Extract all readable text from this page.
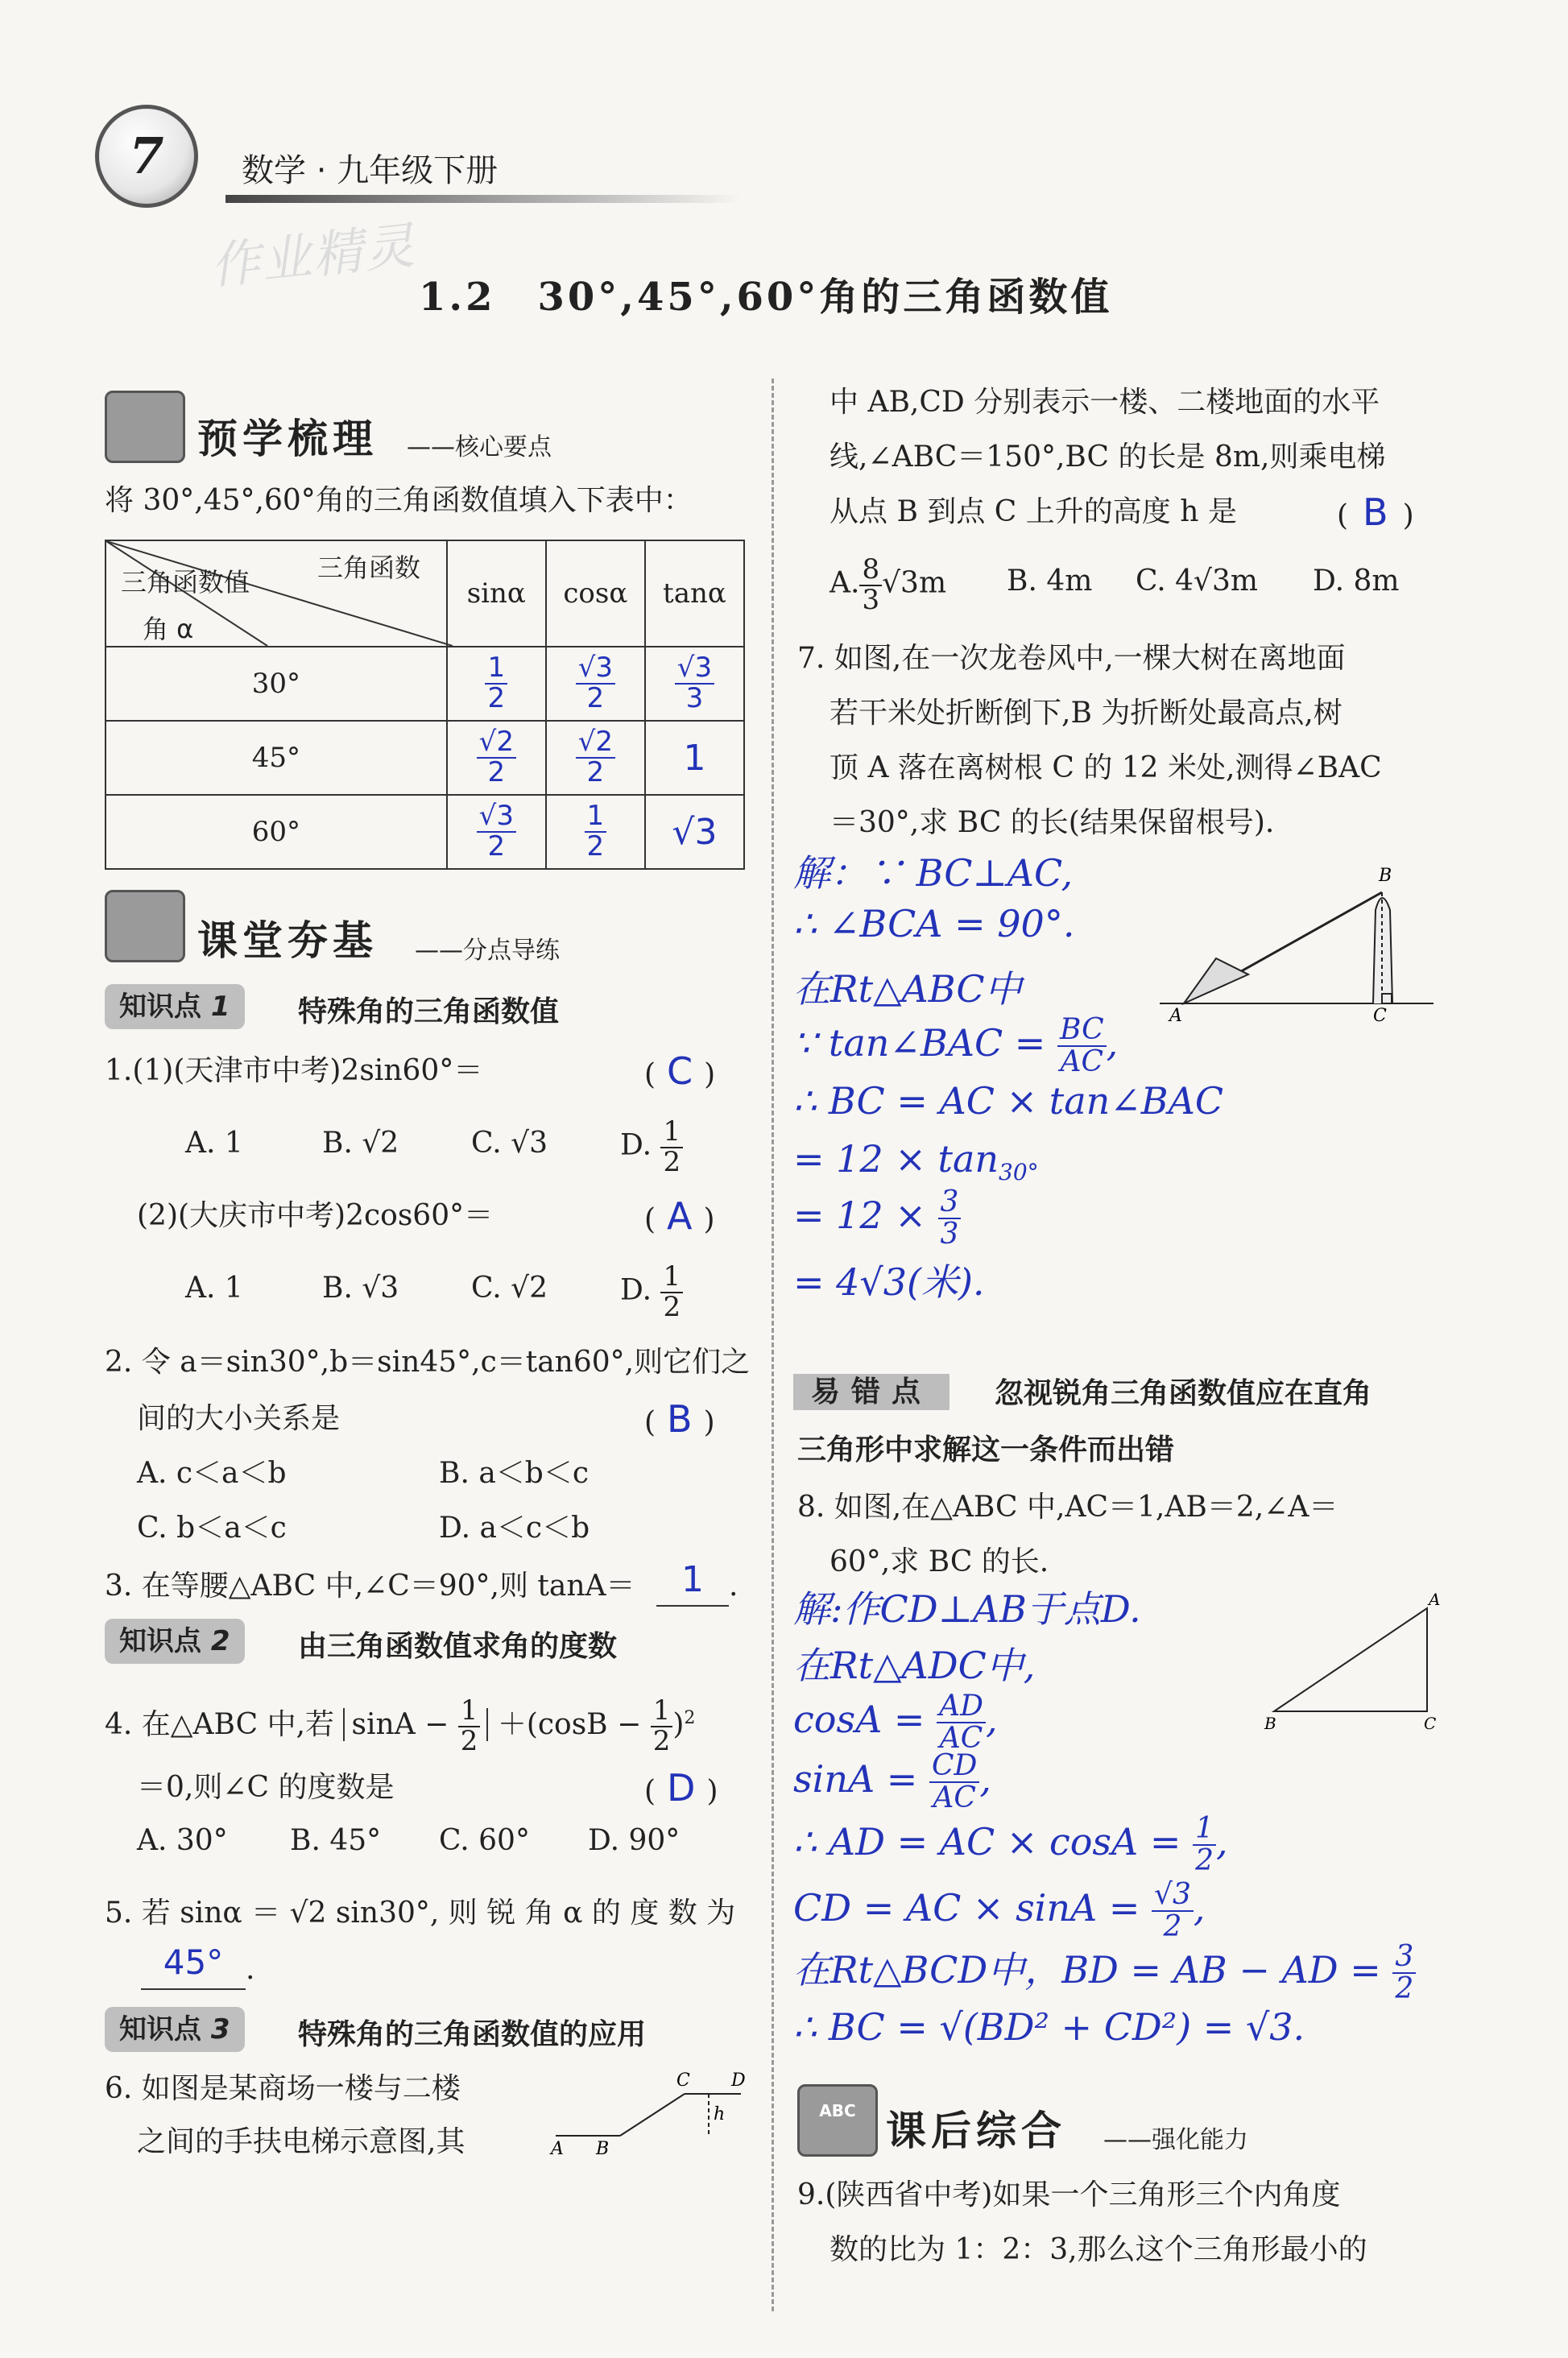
7	数学 · 九年级下册
作业精灵
1.2　30°,45°,60°角的三角函数值
预学梳理 ——核心要点
将 30°,45°,60°角的三角函数值填入下表中：
三角函数
三角函数值
角 α	sinα	cosα	tanα
30°	$\frac{1}{2}$	$\frac{√3}{2}$	$\frac{√3}{3}$

45°	$\frac{√2}{2}$	$\frac{√2}{2}$	1
60°	$\frac{√3}{2}$	$\frac{1}{2}$	√3
课堂夯基 ——分点导练
知识点 1	特殊角的三角函数值
1.(1)(天津市中考)2sin60°＝	( C )
A. 1	B. √2 C. √3	D. $\frac{1}{2}$
(2)(大庆市中考)2cos60°＝	( A )
A. 1	B. √3 C. √2	D. $\frac{1}{2}$
2. 令 a＝sin30°,b＝sin45°,c＝tan60°,则它们之
间的大小关系是	( B )
A. c＜a＜b	B. a＜b＜c
C. b＜a＜c	D. a＜c＜b
3. 在等腰△ABC 中,∠C＝90°,则 tanA＝	1 .
知识点 2	由三角函数值求角的度数
4. 在△ABC 中,若 $\sin A - \frac{1}{2} +(\cos B - \frac{1}{2} )^2$
＝0,则∠C 的度数是	( D )
A. 30° B. 45° C. 60° D. 90°
5. 若 sinα ＝ √2 sin30°, 则 锐 角 α 的 度 数 为
45° .
知识点 3	特殊角的三角函数值的应用
6. 如图是某商场一楼与二楼
之间的手扶电梯示意图,其	A B
C D
h
中 AB,CD 分别表示一楼、二楼地面的水平
线,∠ABC＝150°,BC 的长是 8m,则乘电梯
从点 B 到点 C 上升的高度 h 是	( B )
A. $\frac{8}{3} √3m$ B. 4m C. 4√3m D. 8m
7. 如图,在一次龙卷风中,一棵大树在离地面
若干米处折断倒下,B 为折断处最高点,树
顶 A 落在离树根 C 的 12 米处,测得∠BAC
＝30°,求 BC 的长(结果保留根号).
解：∵ BC⊥AC,
∴ ∠BCA = 90°.
在Rt△ABC中
∵ tan∠BAC = $\frac{BC}{AC}$ ,
∴ BC = AC × tan∠BAC
= $12 \times \tan_{30^\circ}$
= $12 \times \frac{3}{3}$
= 4√3(米).
A
B
C
易错点	忽视锐角三角函数值应在直角
三角形中求解这一条件而出错
8. 如图,在△ABC 中,AC＝1,AB＝2,∠A＝
60°,求 BC 的长.
解:作CD⊥AB于点D.
在Rt△ADC中,
$\cos A = \frac{AD}{AC}$ ,
$\sin A = \frac{CD}{AC}$ ,
∴ AD = AC × $\cos A = \frac{1}{2}$ ,
CD = AC × $\sin A = \frac{√3}{2}$ ,
在Rt△BCD中，BD = AB − AD = $\frac{3}{2}$
∴ BC = √(BD² + CD²) = √3.
A
B	C
ABC 课后综合 ——强化能力
9.(陕西省中考)如果一个三角形三个内角度
数的比为 1：2：3,那么这个三角形最小的
